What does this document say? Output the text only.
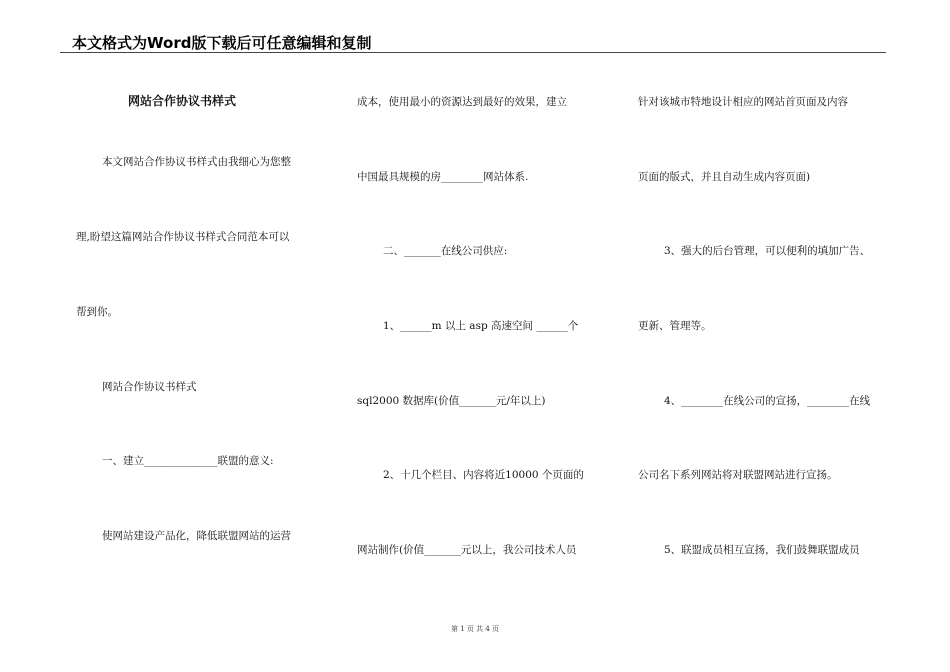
本文格式为Word版下载后可任意编辑和复制
网站合作协议书样式
本文网站合作协议书样式由我细心为您整
理,盼望这篇网站合作协议书样式合同范本可以
帮到你。
网站合作协议书样式
一、建立______________联盟的意义:
使网站建设产品化，降低联盟网站的运营
成本，使用最小的资源达到最好的效果，建立
中国最具规模的房________网站体系.
二、_______在线公司供应:
1、______m 以上 asp 高速空间 ______个
sql2000 数据库(价值_______元/年以上)
2、十几个栏目、内容将近10000 个页面的
网站制作(价值_______元以上，我公司技术人员
针对该城市特地设计相应的网站首页面及内容
页面的版式，并且自动生成内容页面)
3、强大的后台管理，可以便利的填加广告、
更新、管理等。
4、________在线公司的宣扬，________在线
公司名下系列网站将对联盟网站进行宣扬。
5、联盟成员相互宣扬，我们鼓舞联盟成员
第 1 页 共 4 页
